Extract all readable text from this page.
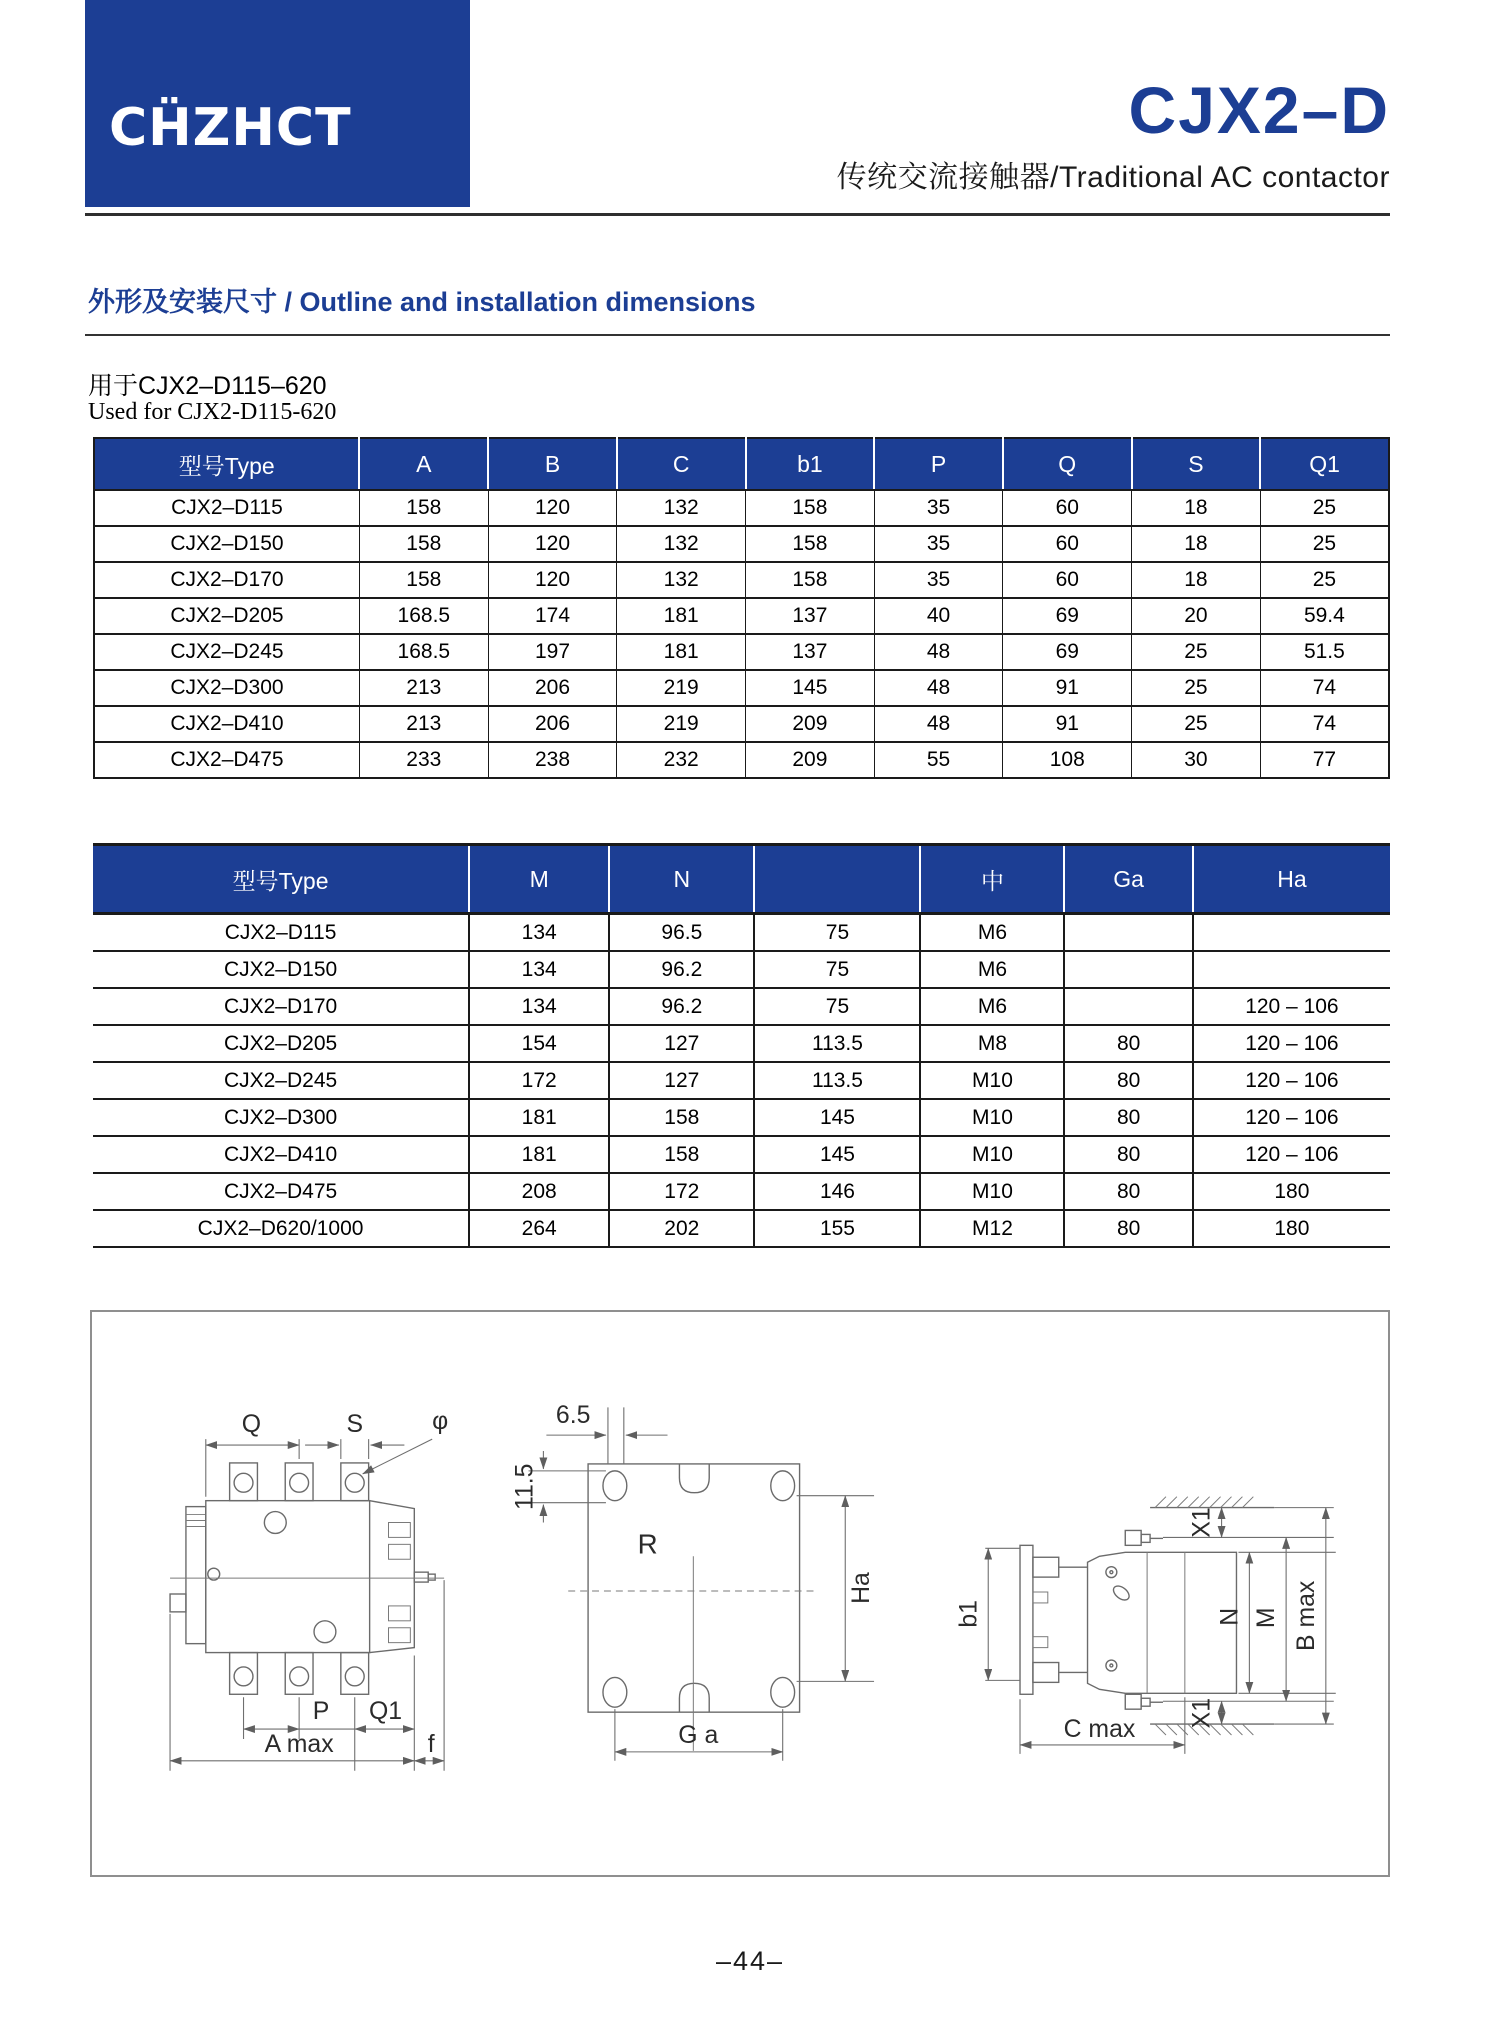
CḦZHCT	CJX2–D
传统交流接触器/Traditional AC contactor
外形及安装尺寸 / Outline and installation dimensions
用于CJX2–D115–620
Used for CJX2-D115-620
型号Type	A	B	C	b1	P	Q	S	Q1
CJX2–D115	158	120	132	158	35	60	18	25
CJX2–D150	158	120	132	158	35	60	18	25
CJX2–D170	158	120	132	158	35	60	18	25
CJX2–D205	168.5	174	181	137	40	69	20	59.4
CJX2–D245	168.5	197	181	137	48	69	25	51.5
CJX2–D300	213	206	219	145	48	91	25	74
CJX2–D410	213	206	219	209	48	91	25	74
CJX2–D475	233	238	232	209	55	108	30	77
型号Type	M	N		中	Ga	Ha
CJX2–D115	134	96.5	75	M6		
CJX2–D150	134	96.2	75	M6		
CJX2–D170	134	96.2	75	M6		120 – 106
CJX2–D205	154	127	113.5	M8	80	120 – 106
CJX2–D245	172	127	113.5	M10	80	120 – 106
CJX2–D300	181	158	145	M10	80	120 – 106
CJX2–D410	181	158	145	M10	80	120 – 106
CJX2–D475	208	172	146	M10	80	180
CJX2–D620/1000	264	202	155	M12	80	180
Q	S	φ
P Q1
A max	f
R
6.5
11.5
Ha
G a
b1
X1
X1
N M B max
C max
–44–
